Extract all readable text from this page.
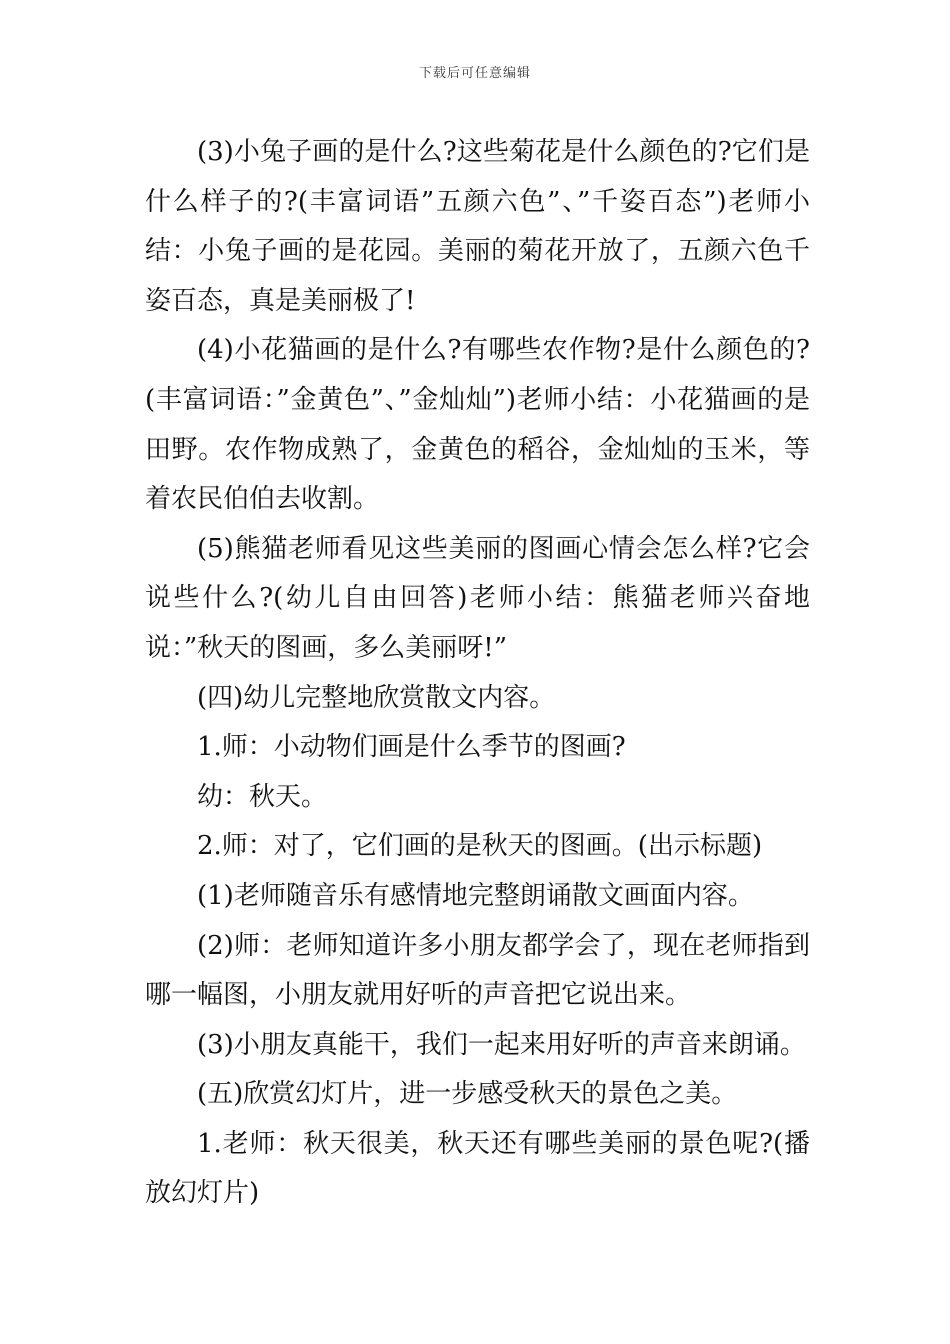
下载后可任意编辑

(3)小兔子画的是什么?这些菊花是什么颜色的?它们是什么样子的?(丰富词语”五颜六色”、”千姿百态”)老师小结：小兔子画的是花园。美丽的菊花开放了，五颜六色千姿百态，真是美丽极了!

(4)小花猫画的是什么?有哪些农作物?是什么颜色的?(丰富词语：”金黄色”、”金灿灿”)老师小结：小花猫画的是田野。农作物成熟了，金黄色的稻谷，金灿灿的玉米，等着农民伯伯去收割。

(5)熊猫老师看见这些美丽的图画心情会怎么样?它会说些什么?(幼儿自由回答)老师小结：熊猫老师兴奋地说：”秋天的图画，多么美丽呀!”

(四)幼儿完整地欣赏散文内容。

1.师：小动物们画是什么季节的图画?

幼：秋天。

2.师：对了，它们画的是秋天的图画。(出示标题)

(1)老师随音乐有感情地完整朗诵散文画面内容。

(2)师：老师知道许多小朋友都学会了，现在老师指到哪一幅图，小朋友就用好听的声音把它说出来。

(3)小朋友真能干，我们一起来用好听的声音来朗诵。

(五)欣赏幻灯片，进一步感受秋天的景色之美。

1.老师：秋天很美，秋天还有哪些美丽的景色呢?(播放幻灯片)
